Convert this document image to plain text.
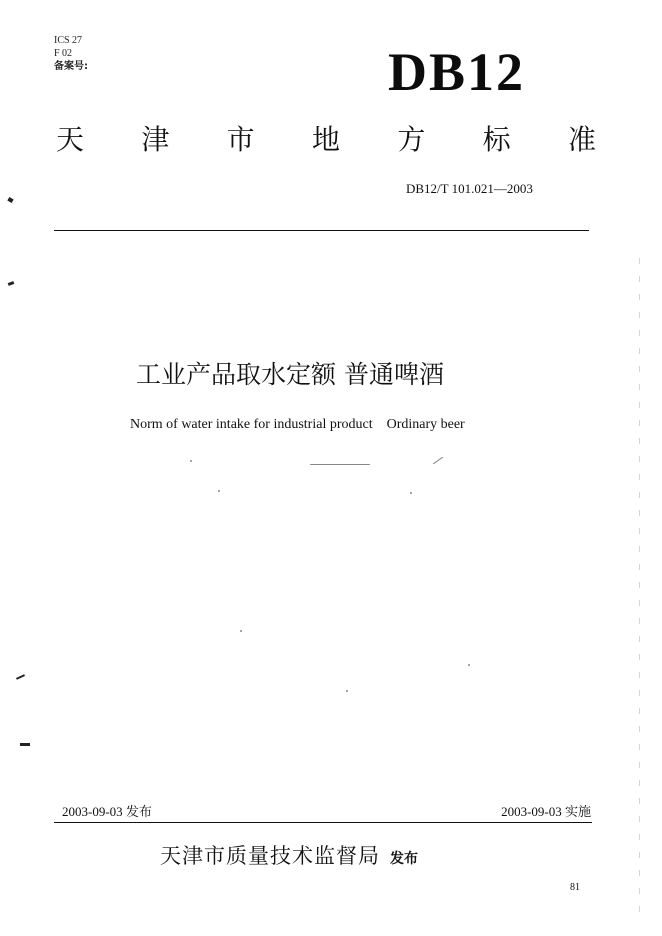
ICS 27
F 02
备案号:	DB12
天 津 市 地 方 标 准
DB12/T 101.021—2003
工业产品取水定额 普通啤酒
Norm of water intake for industrial product Ordinary beer
2003-09-03 发布	2003-09-03 实施
天津市质量技术监督局 发布
81
